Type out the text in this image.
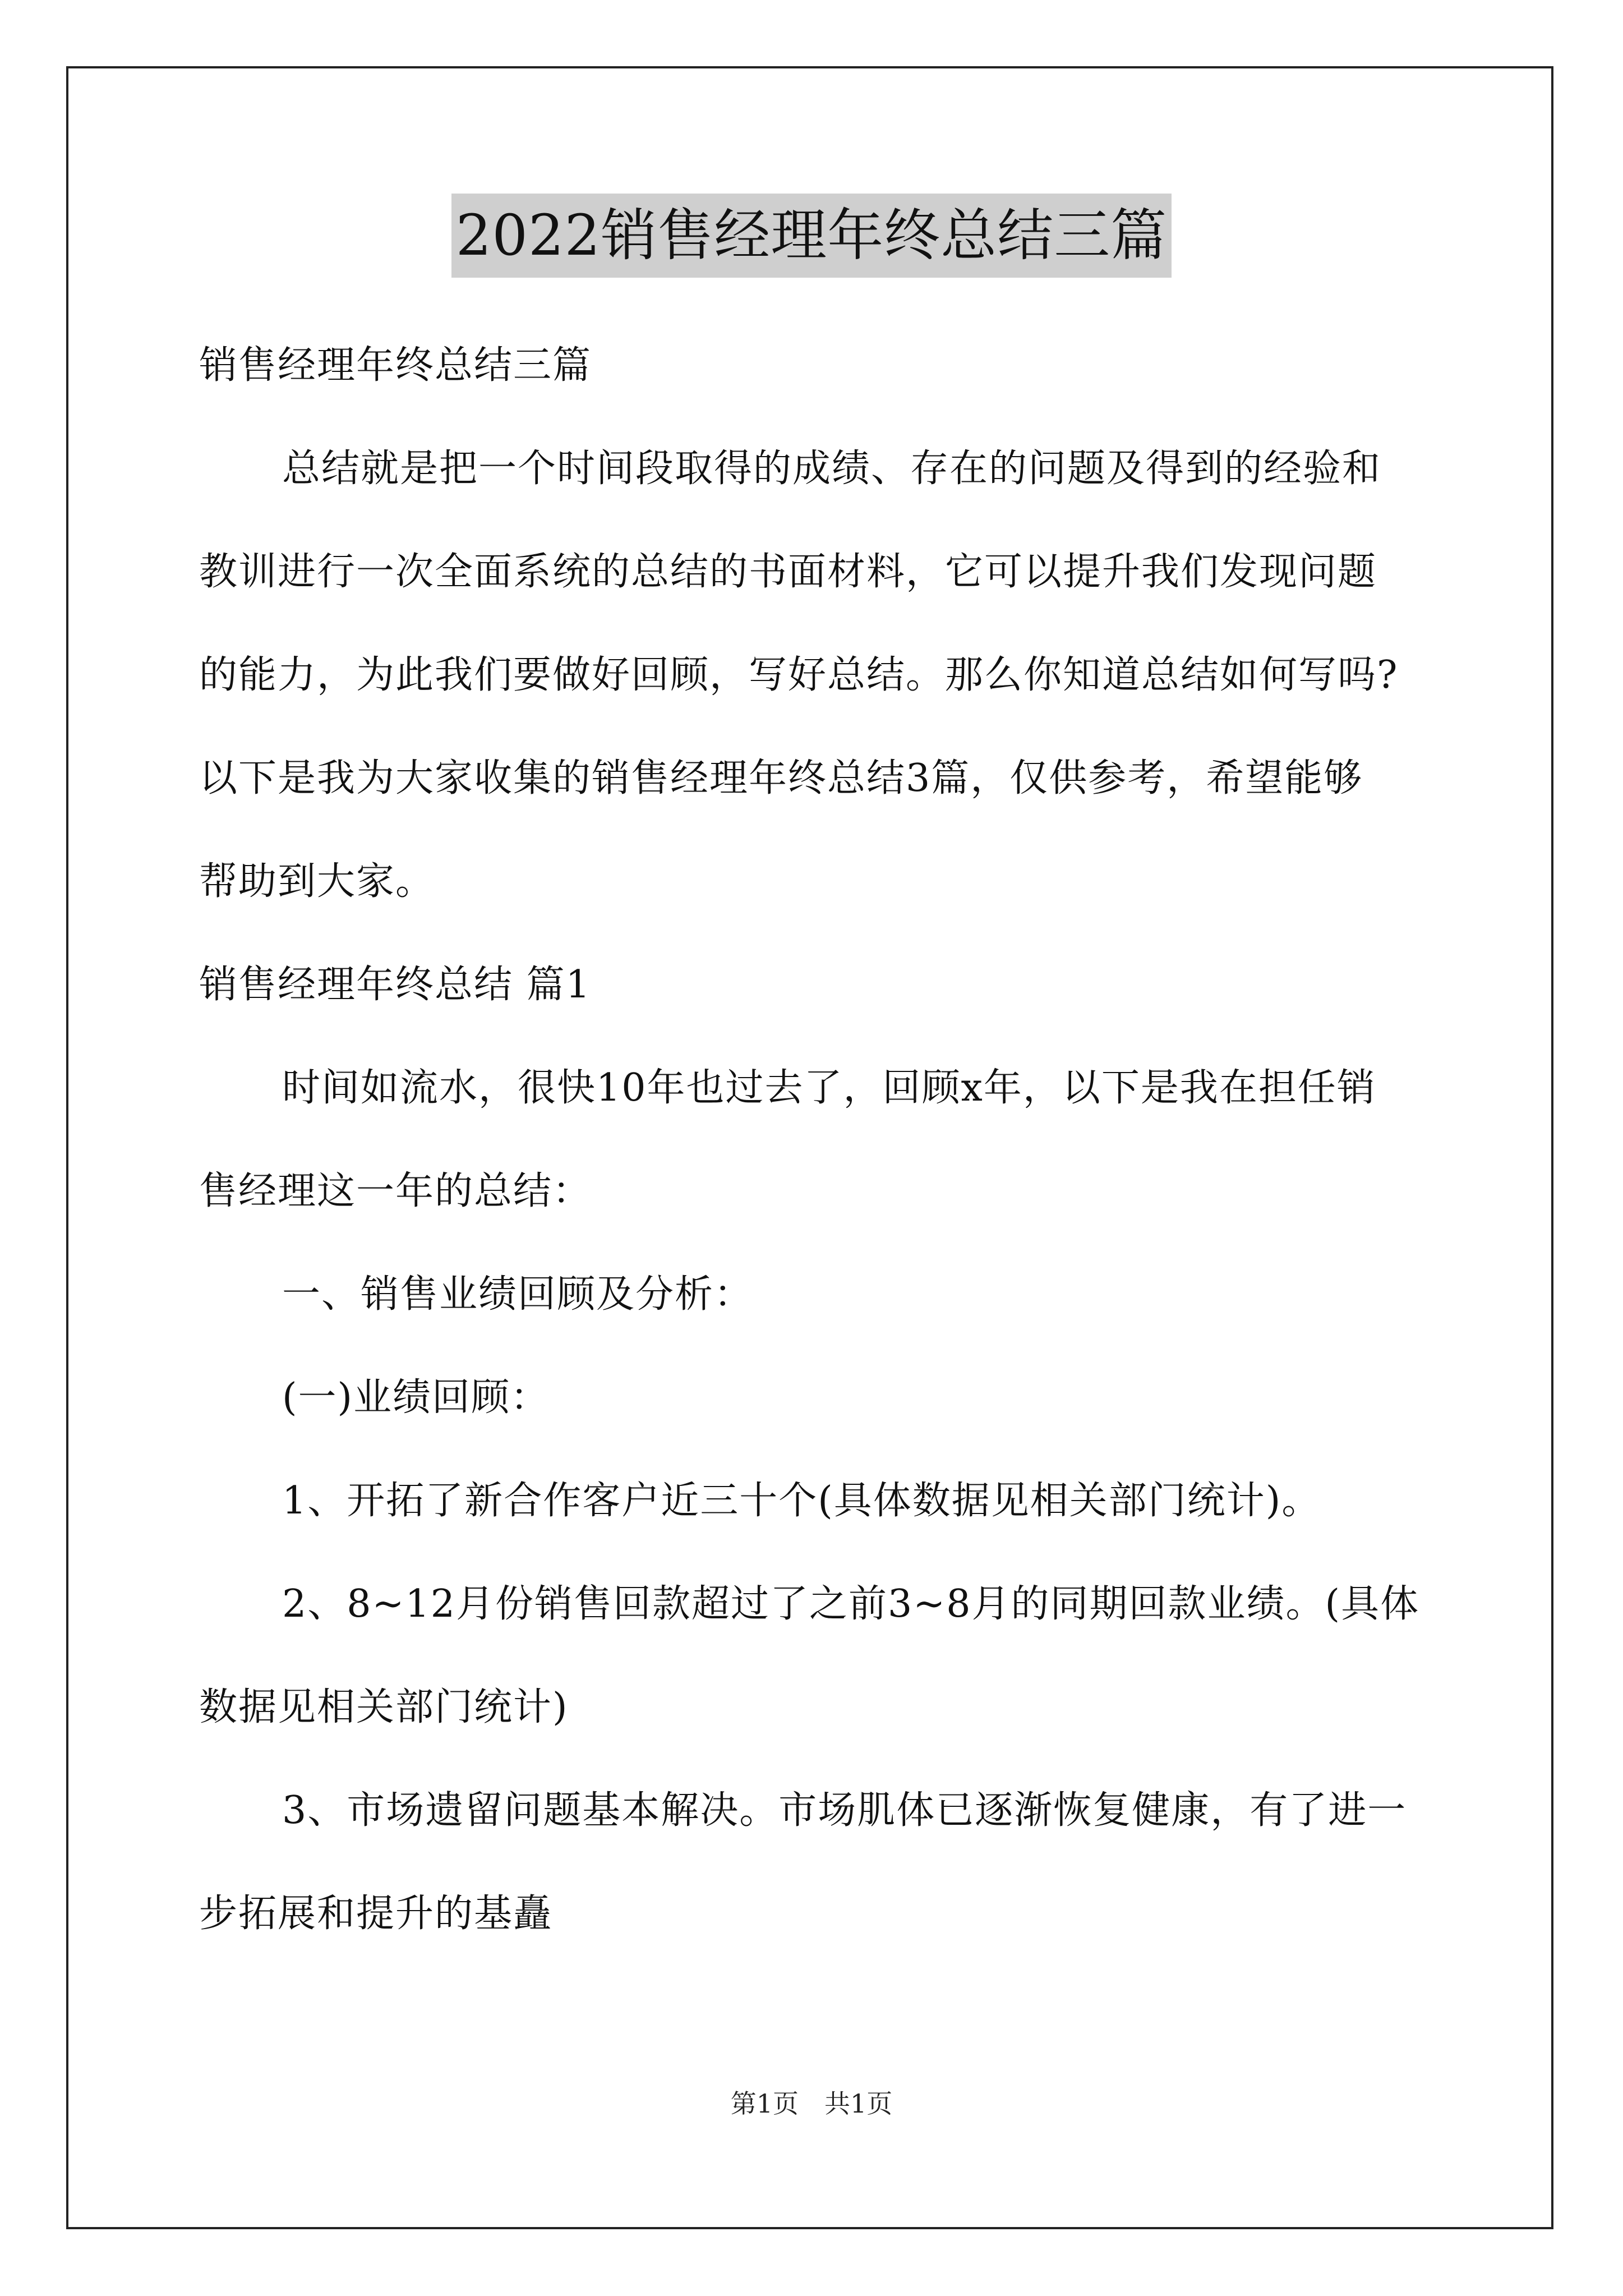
2022销售经理年终总结三篇
销售经理年终总结三篇
总结就是把一个时间段取得的成绩、存在的问题及得到的经验和
教训进行一次全面系统的总结的书面材料，它可以提升我们发现问题
的能力，为此我们要做好回顾，写好总结。那么你知道总结如何写吗?
以下是我为大家收集的销售经理年终总结3篇，仅供参考，希望能够
帮助到大家。
销售经理年终总结 篇1
时间如流水，很快10年也过去了，回顾x年，以下是我在担任销
售经理这一年的总结：
一、销售业绩回顾及分析：
(一)业绩回顾：
1、开拓了新合作客户近三十个(具体数据见相关部门统计)。
2、8~12月份销售回款超过了之前3~8月的同期回款业绩。(具体
数据见相关部门统计)
3、市场遗留问题基本解决。市场肌体已逐渐恢复健康，有了进一
步拓展和提升的基矗
第1页　共1页
